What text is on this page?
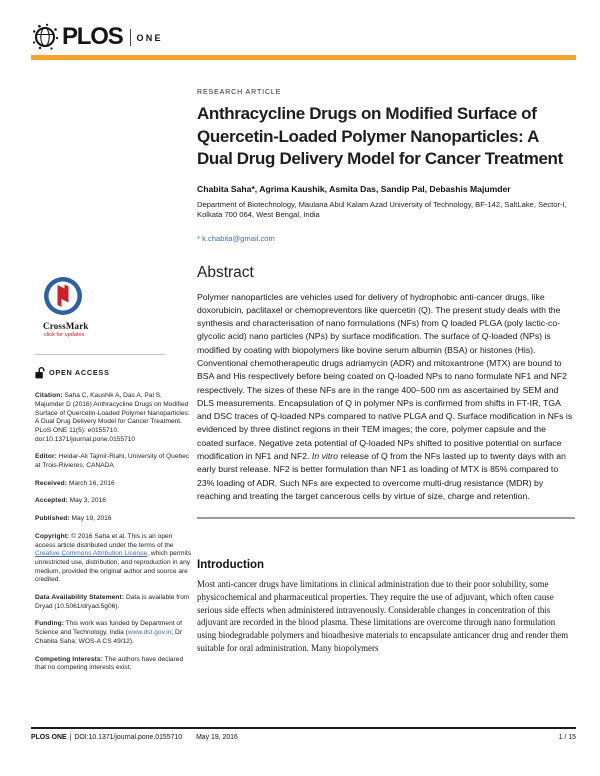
PLOS ONE
CrossMark
click for updates
OPEN ACCESS
Citation: Saha C, Kaushik A, Das A, Pal S, Majumder D (2016) Anthracycline Drugs on Modified Surface of Quercetin-Loaded Polymer Nanoparticles: A Dual Drug Delivery Model for Cancer Treatment. PLoS ONE 11(5): e0155710. doi:10.1371/journal.pone.0155710
Editor: Heidar-Ali Tajmir-Riahi, University of Quebec at Trois-Rivieres, CANADA
Received: March 16, 2016
Accepted: May 3, 2016
Published: May 19, 2016
Copyright: © 2016 Saha et al. This is an open access article distributed under the terms of the Creative Commons Attribution License, which permits unrestricted use, distribution, and reproduction in any medium, provided the original author and source are credited.
Data Availability Statement: Data is available from Dryad (10.5061/dryad.5g06).
Funding: This work was funded by Department of Science and Technology, India (www.dst.gov.in; Dr Chabita Saha; WOS-A CS 49/12).
Competing Interests: The authors have declared that no competing interests exist.
RESEARCH ARTICLE
Anthracycline Drugs on Modified Surface of Quercetin-Loaded Polymer Nanoparticles: A Dual Drug Delivery Model for Cancer Treatment
Chabita Saha*, Agrima Kaushik, Asmita Das, Sandip Pal, Debashis Majumder
Department of Biotechnology, Maulana Abul Kalam Azad University of Technology, BF-142, SaltLake, Sector-I, Kolkata 700 064, West Bengal, India
* k.chabita@gmail.com
Abstract
Polymer nanoparticles are vehicles used for delivery of hydrophobic anti-cancer drugs, like doxorubicin, paclitaxel or chemopreventors like quercetin (Q). The present study deals with the synthesis and characterisation of nano formulations (NFs) from Q loaded PLGA (poly lactic-co-glycolic acid) nano particles (NPs) by surface modification. The surface of Q-loaded (NPs) is modified by coating with biopolymers like bovine serum albumin (BSA) or histones (His). Conventional chemotherapeutic drugs adriamycin (ADR) and mitoxantrone (MTX) are bound to BSA and His respectively before being coated on Q-loaded NPs to nano formulate NF1 and NF2 respectively. The sizes of these NFs are in the range 400–500 nm as ascertained by SEM and DLS measurements. Encapsulation of Q in polymer NPs is confirmed from shifts in FT-IR, TGA and DSC traces of Q-loaded NPs compared to native PLGA and Q. Surface modification in NFs is evidenced by three distinct regions in their TEM images; the core, polymer capsule and the coated surface. Negative zeta potential of Q-loaded NPs shifted to positive potential on surface modification in NF1 and NF2. In vitro release of Q from the NFs lasted up to twenty days with an early burst release. NF2 is better formulation than NF1 as loading of MTX is 85% compared to 23% loading of ADR. Such NFs are expected to overcome multi-drug resistance (MDR) by reaching and treating the target cancerous cells by virtue of size, charge and retention.
Introduction
Most anti-cancer drugs have limitations in clinical administration due to their poor solubility, some physicochemical and pharmaceutical properties. They require the use of adjuvant, which often cause serious side effects when administered intravenously. Considerable changes in concentration of this adjuvant are recorded in the blood plasma. These limitations are overcome through nano formulation using biodegradable polymers and bioadhesive materials to encapsulate anticancer drug and render them suitable for oral administration. Many biopolymers
PLOS ONE | DOI:10.1371/journal.pone.0155710 May 19, 2016	1 / 15
